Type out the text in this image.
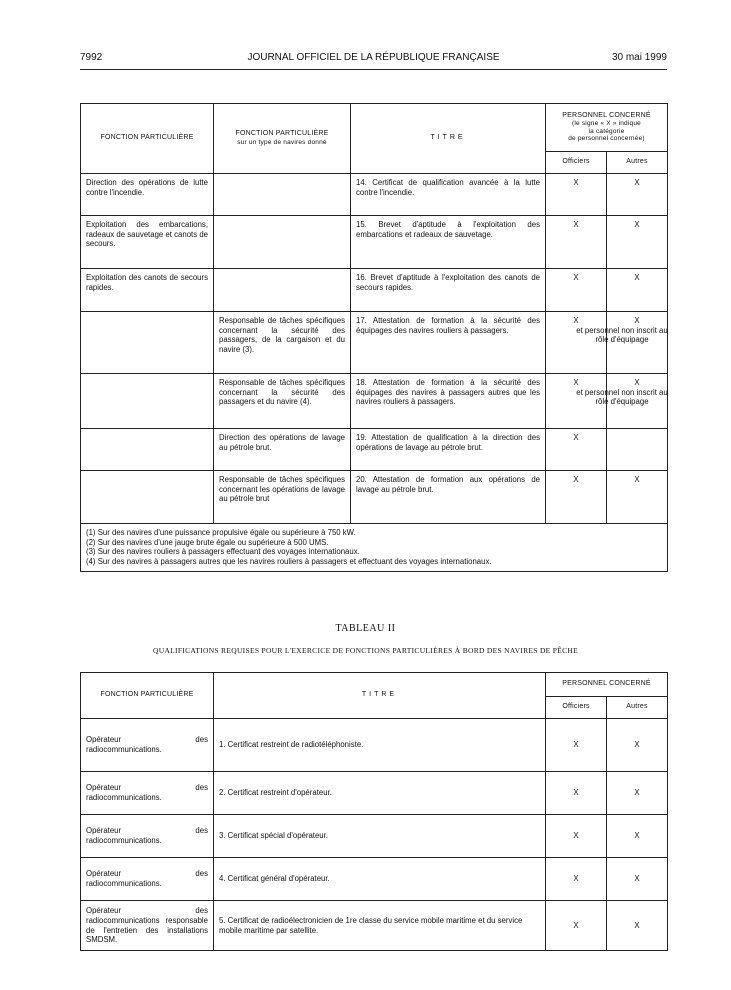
7992	JOURNAL OFFICIEL DE LA RÉPUBLIQUE FRANÇAISE	30 mai 1999
FONCTION PARTICULIÈRE	FONCTION PARTICULIÈRE
sur un type de navires donné	TITRE	PERSONNEL CONCERNÉ
(le signe « X » indique
la catégorie
de personnel concernée)	
			Officiers	Autres
Direction des opérations de lutte contre l'incendie.		14. Certificat de qualification avancée à la lutte contre l'incendie.	X	X
Exploitation des embarcations, radeaux de sauvetage et canots de secours.		15. Brevet d'aptitude à l'exploitation des embarcations et radeaux de sauvetage.	X	X
Exploitation des canots de secours rapides.		16. Brevet d'aptitude à l'exploitation des canots de secours rapides.	X	X
	Responsable de tâches spécifiques concernant la sécurité des passagers, de la cargaison et du navire (3).	17. Attestation de formation à la sécurité des équipages des navires rouliers à passagers.	X	X

et personnel non inscrit au rôle d'équipage

	Responsable de tâches spécifiques concernant la sécurité des passagers et du navire (4).	18. Attestation de formation à la sécurité des équipages des navires à passagers autres que les navires rouliers à passagers.	X	X

et personnel non inscrit au rôle d'équipage

	Direction des opérations de lavage au pétrole brut.	19. Attestation de qualification à la direction des opérations de lavage au pétrole brut.	X	
	Responsable de tâches spécifiques concernant les opérations de lavage au pétrole brut	20. Attestation de formation aux opérations de lavage au pétrole brut.	X	X

(1) Sur des navires d'une puissance propulsive égale ou supérieure à 750 kW.
(2) Sur des navires d'une jauge brute égale ou supérieure à 500 UMS.
(3) Sur des navires rouliers à passagers effectuant des voyages internationaux.
(4) Sur des navires à passagers autres que les navires rouliers à passagers et effectuant des voyages internationaux.				
TABLEAU II
QUALIFICATIONS REQUISES POUR L'EXERCICE DE FONCTIONS PARTICULIÈRES À BORD DES NAVIRES DE PÊCHE
FONCTION PARTICULIÈRE	TITRE	PERSONNEL CONCERNÉ	
		Officiers	Autres
Opérateur des radiocommunications.	1. Certificat restreint de radiotéléphoniste.	X	X
Opérateur des radiocommunications.	2. Certificat restreint d'opérateur.	X	X
Opérateur des radiocommunications.	3. Certificat spécial d'opérateur.	X	X
Opérateur des radiocommunications.	4. Certificat général d'opérateur.	X	X
Opérateur des radiocommunications responsable de l'entretien des installations SMDSM.	5. Certificat de radioélectronicien de 1re classe du service mobile maritime et du service mobile maritime par satellite.	X	X
